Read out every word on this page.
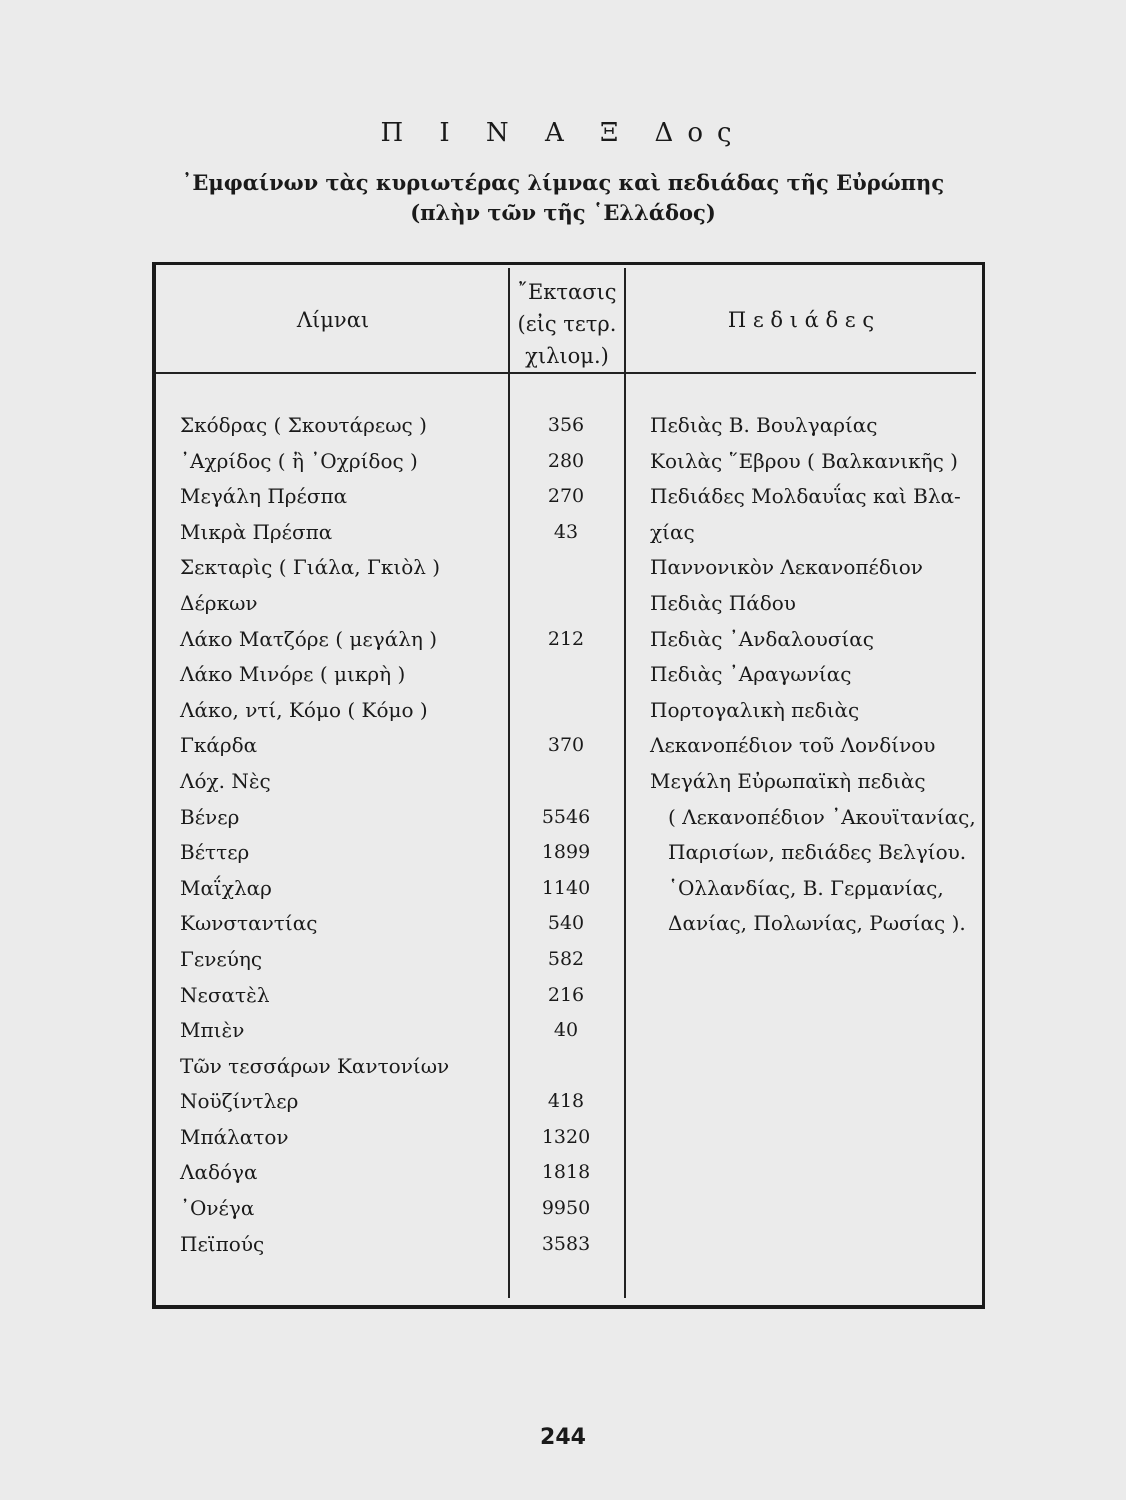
Π Ι Ν Α Ξ Δος
᾿Εμφαίνων τὰς κυριωτέρας λίμνας καὶ πεδιάδας τῆς Εὐρώπης
(πλὴν τῶν τῆς ῾Ελλάδος)
Λίμναι
῎Εκτασις
(εἰς τετρ.
χιλιομ.)
Π ε δ ι ά δ ε ς
Σκόδρας ( Σκουτάρεως )
᾿Αχρίδος ( ἢ ᾿Οχρίδος )
Μεγάλη Πρέσπα
Μικρὰ Πρέσπα
Σεκταρὶς ( Γιάλα, Γκιὸλ )
Δέρκων
Λάκο Ματζόρε ( μεγάλη )
Λάκο Μινόρε ( μικρὴ )
Λάκο, ντί, Κόμο ( Κόμο )
Γκάρδα
Λόχ. Νὲς
Βένερ
Βέττερ
Μαΐχλαρ
Κωνσταντίας
Γενεύης
Νεσατὲλ
Μπιὲν
Τῶν τεσσάρων Καντονίων
Νοϋζίντλερ
Μπάλατον
Λαδόγα
᾿Ονέγα
Πεϊπούς
356
280
270
43
212
370
5546
1899
1140
540
582
216
40
418
1320
1818
9950
3583
Πεδιὰς Β. Βουλγαρίας
Κοιλὰς ῞Εβρου ( Βαλκανικῆς )
Πεδιάδες Μολδαυΐας καὶ Βλα-
χίας
Παννονικὸν Λεκανοπέδιον
Πεδιὰς Πάδου
Πεδιὰς ᾿Ανδαλουσίας
Πεδιὰς ᾿Αραγωνίας
Πορτογαλικὴ πεδιὰς
Λεκανοπέδιον τοῦ Λονδίνου
Μεγάλη Εὐρωπαϊκὴ πεδιὰς
( Λεκανοπέδιον ᾿Ακουϊτανίας,
Παρισίων, πεδιάδες Βελγίου.
῾Ολλανδίας, Β. Γερμανίας,
Δανίας, Πολωνίας, Ρωσίας ).
244
